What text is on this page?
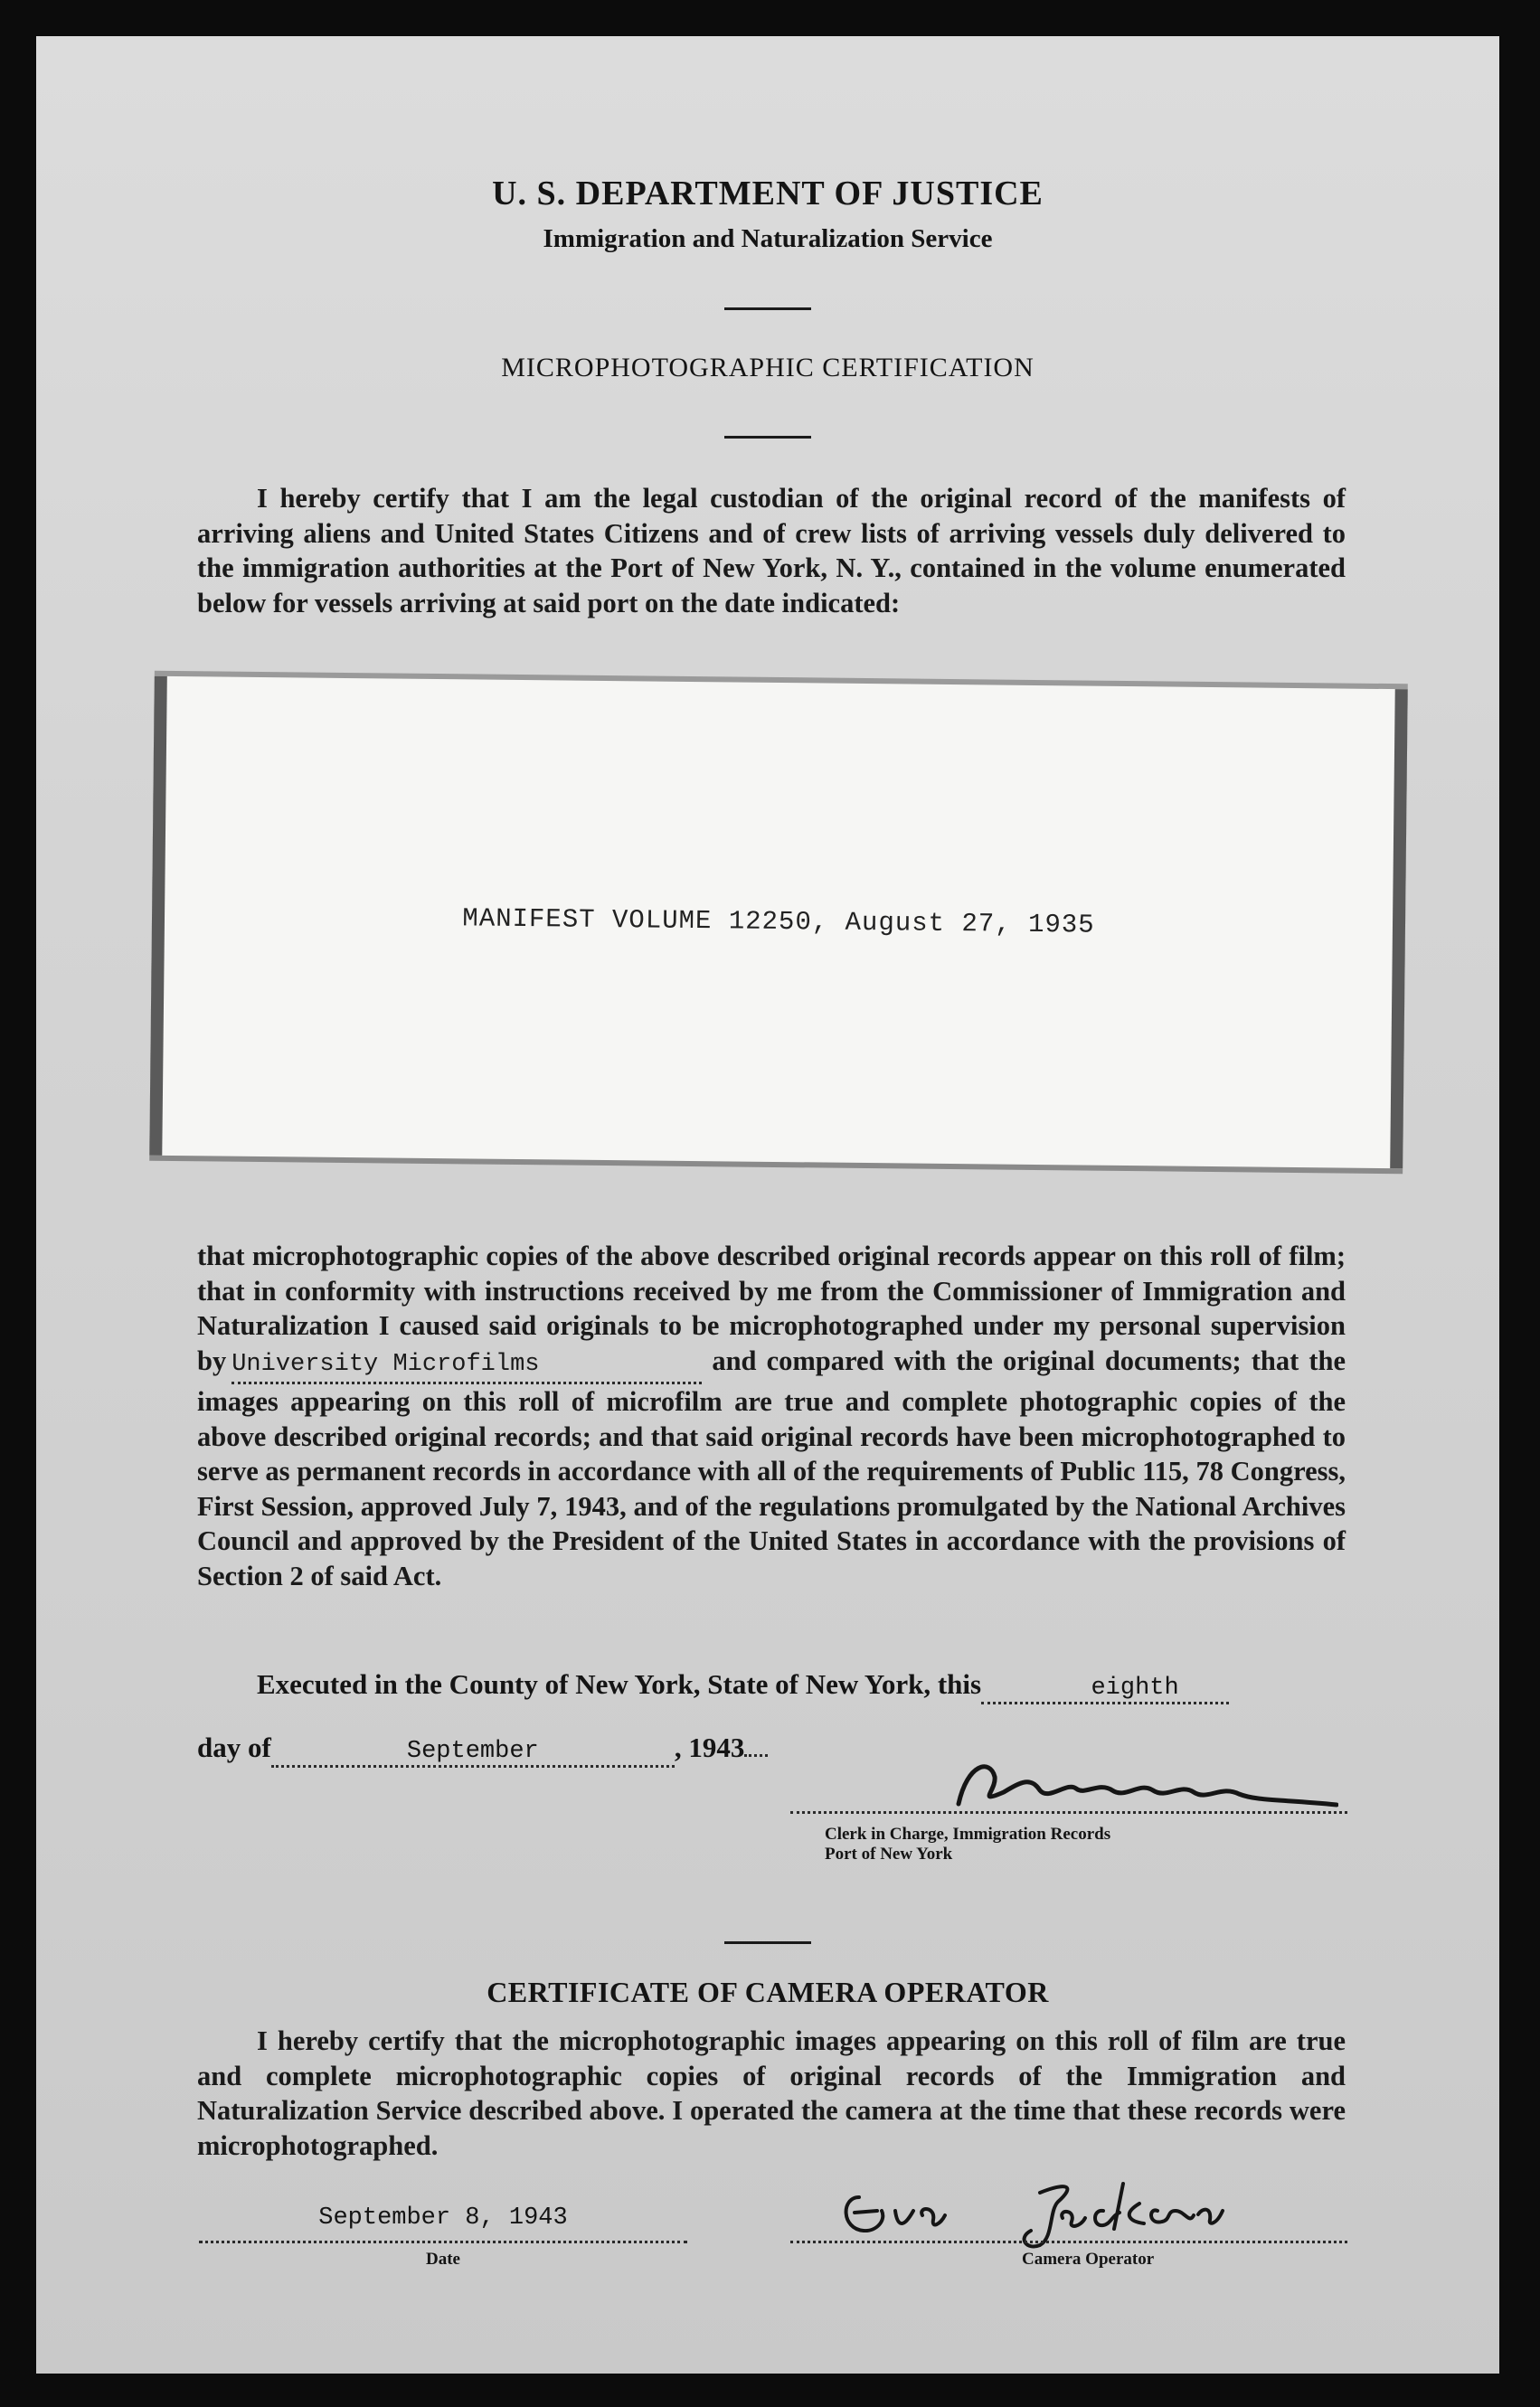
U. S. DEPARTMENT OF JUSTICE
Immigration and Naturalization Service
MICROPHOTOGRAPHIC CERTIFICATION
I hereby certify that I am the legal custodian of the original record of the manifests of arriving aliens and United States Citizens and of crew lists of arriving vessels duly delivered to the immigration authorities at the Port of New York, N. Y., contained in the volume enumerated below for vessels arriving at said port on the date indicated:
MANIFEST VOLUME 12250, August 27, 1935
that microphotographic copies of the above described original records appear on this roll of film; that in conformity with instructions received by me from the Commissioner of Immigration and Naturalization I caused said originals to be microphotographed under my personal supervision by University Microfilms	and compared with the original documents; that the images appearing on this roll of microfilm are true and complete photographic copies of the above described original records; and that said original records have been microphotographed to serve as permanent records in accordance with all of the requirements of Public 115, 78 Congress, First Session, approved July 7, 1943, and of the regulations promulgated by the National Archives Council and approved by the President of the United States in accordance with the provisions of Section 2 of said Act.
Executed in the County of New York, State of New York, this	eighth
day of	September	, 1943
Clerk in Charge, Immigration Records
Port of New York
CERTIFICATE OF CAMERA OPERATOR
I hereby certify that the microphotographic images appearing on this roll of film are true and complete microphotographic copies of original records of the Immigration and Naturalization Service described above. I operated the camera at the time that these records were microphotographed.
September 8, 1943
Date	Camera Operator
